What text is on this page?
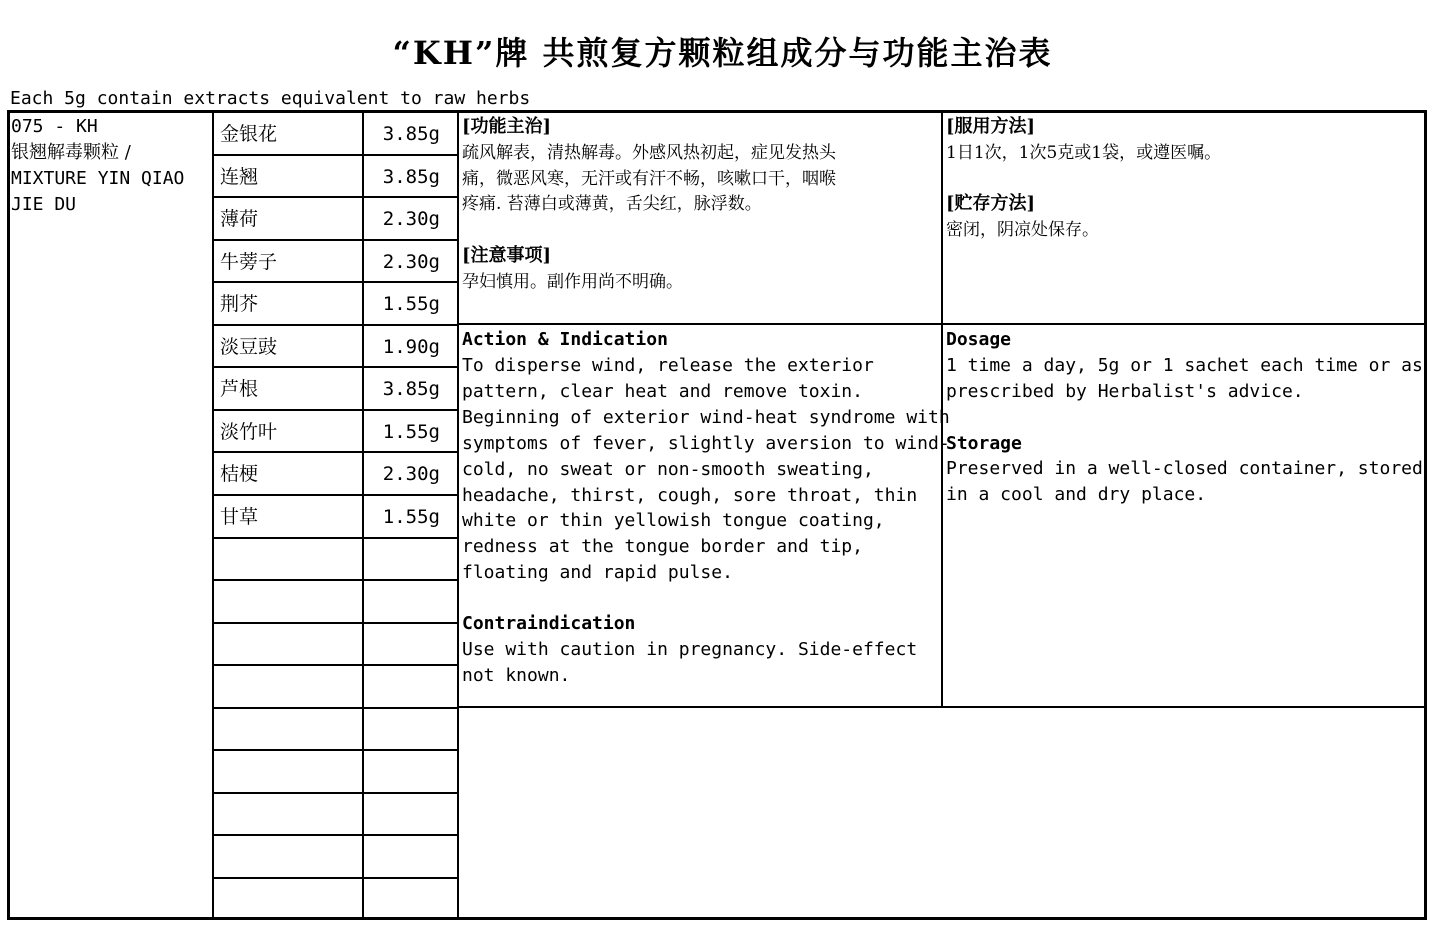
“KH”牌 共煎复方颗粒组成分与功能主治表
Each 5g contain extracts equivalent to raw herbs
075 - KH
银翘解毒颗粒 /
MIXTURE YIN QIAO
JIE DU
金银花	3.85g
连翘	3.85g
薄荷	2.30g
牛蒡子	2.30g
荆芥	1.55g
淡豆豉	1.90g
芦根	3.85g
淡竹叶	1.55g
桔梗	2.30g
甘草	1.55g
[功能主治]
疏风解表，清热解毒。外感风热初起，症见发热头
痛，微恶风寒，无汗或有汗不畅，咳嗽口干，咽喉
疼痛. 苔薄白或薄黄，舌尖红，脉浮数。
[注意事项]
孕妇慎用。副作用尚不明确。
[服用方法]
1日1次，1次5克或1袋，或遵医嘱。
[贮存方法]
密闭，阴凉处保存。
Action & Indication
To disperse wind, release the exterior
pattern, clear heat and remove toxin.
Beginning of exterior wind-heat syndrome with
symptoms of fever, slightly aversion to wind-
cold, no sweat or non-smooth sweating,
headache, thirst, cough, sore throat, thin
white or thin yellowish tongue coating,
redness at the tongue border and tip,
floating and rapid pulse.
Contraindication
Use with caution in pregnancy. Side-effect
not known.
Dosage
1 time a day, 5g or 1 sachet each time or as
prescribed by Herbalist's advice.
Storage
Preserved in a well-closed container, stored
in a cool and dry place.
